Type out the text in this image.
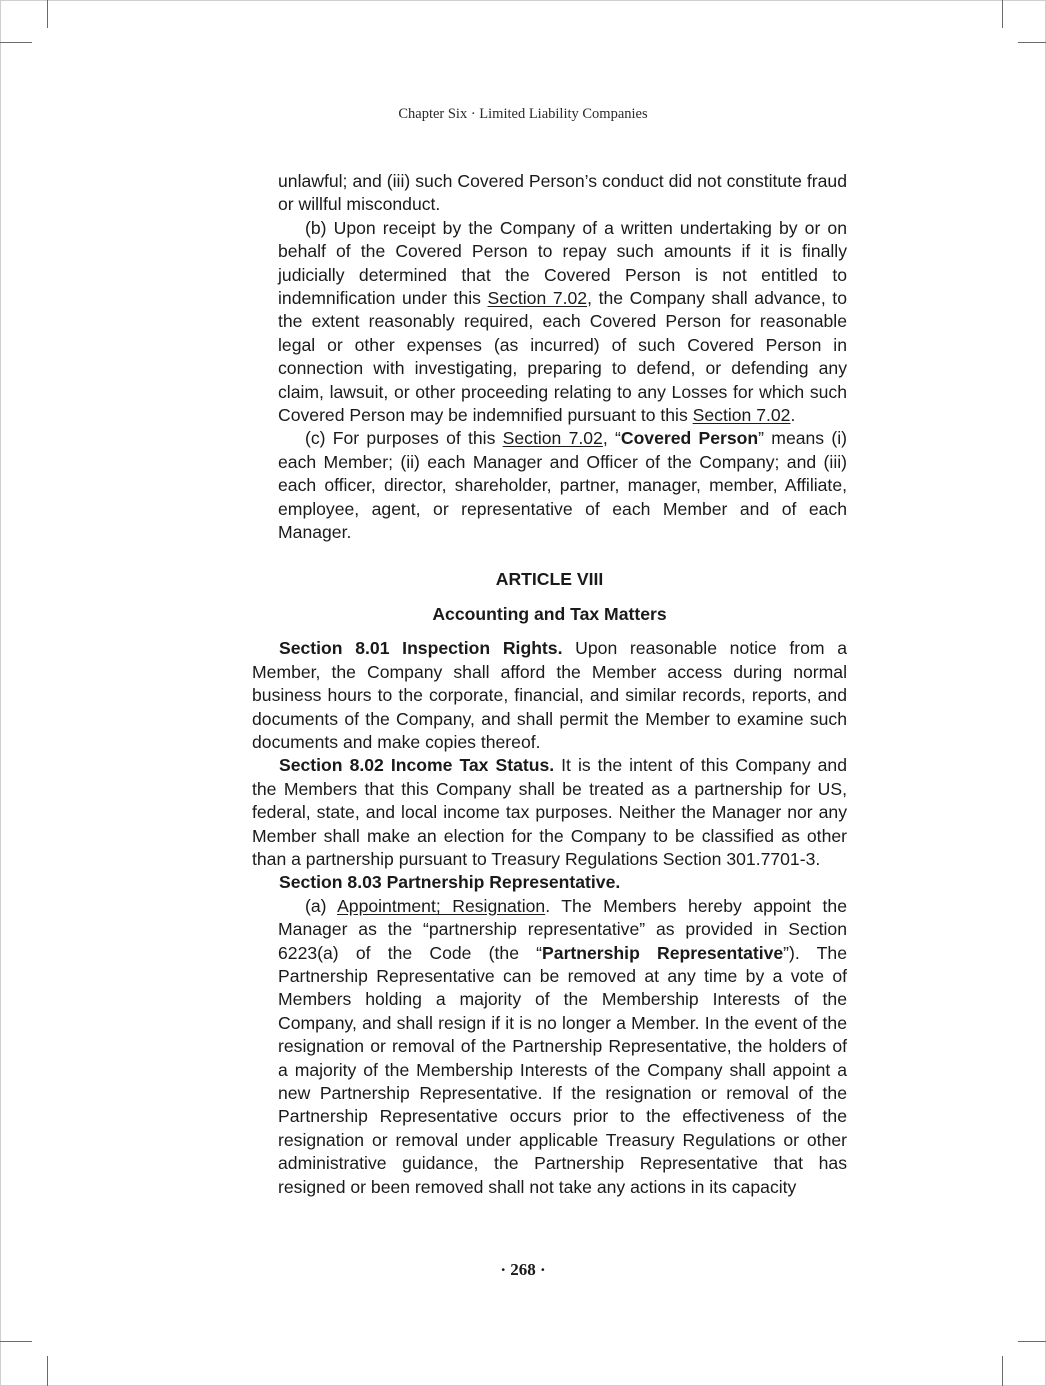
Chapter Six · Limited Liability Companies

unlawful; and (iii) such Covered Person’s conduct did not constitute fraud or willful misconduct.

(b) Upon receipt by the Company of a written undertaking by or on behalf of the Covered Person to repay such amounts if it is finally judicially determined that the Covered Person is not entitled to indemnification under this Section 7.02, the Company shall advance, to the extent reasonably required, each Covered Person for reasonable legal or other expenses (as incurred) of such Covered Person in connection with investigating, preparing to defend, or defending any claim, lawsuit, or other proceeding relating to any Losses for which such Covered Person may be indemnified pursuant to this Section 7.02.

(c) For purposes of this Section 7.02, “Covered Person” means (i) each Member; (ii) each Manager and Officer of the Company; and (iii) each officer, director, shareholder, partner, manager, member, Affiliate, employee, agent, or representative of each Member and of each Manager.

ARTICLE VIII

Accounting and Tax Matters

Section 8.01 Inspection Rights. Upon reasonable notice from a Member, the Company shall afford the Member access during normal business hours to the corporate, financial, and similar records, reports, and documents of the Company, and shall permit the Member to examine such documents and make copies thereof.

Section 8.02 Income Tax Status. It is the intent of this Company and the Members that this Company shall be treated as a partnership for US, federal, state, and local income tax purposes. Neither the Manager nor any Member shall make an election for the Company to be classified as other than a partnership pursuant to Treasury Regulations Section 301.7701-3.

Section 8.03 Partnership Representative.

(a) Appointment; Resignation. The Members hereby appoint the Manager as the “partnership representative” as provided in Section 6223(a) of the Code (the “Partnership Representative”). The Partnership Representative can be removed at any time by a vote of Members holding a majority of the Membership Interests of the Company, and shall resign if it is no longer a Member. In the event of the resignation or removal of the Partnership Representative, the holders of a majority of the Membership Interests of the Company shall appoint a new Partnership Representative. If the resignation or removal of the Partnership Representative occurs prior to the effectiveness of the resignation or removal under applicable Treasury Regulations or other administrative guidance, the Partnership Representative that has resigned or been removed shall not take any actions in its capacity

· 268 ·
